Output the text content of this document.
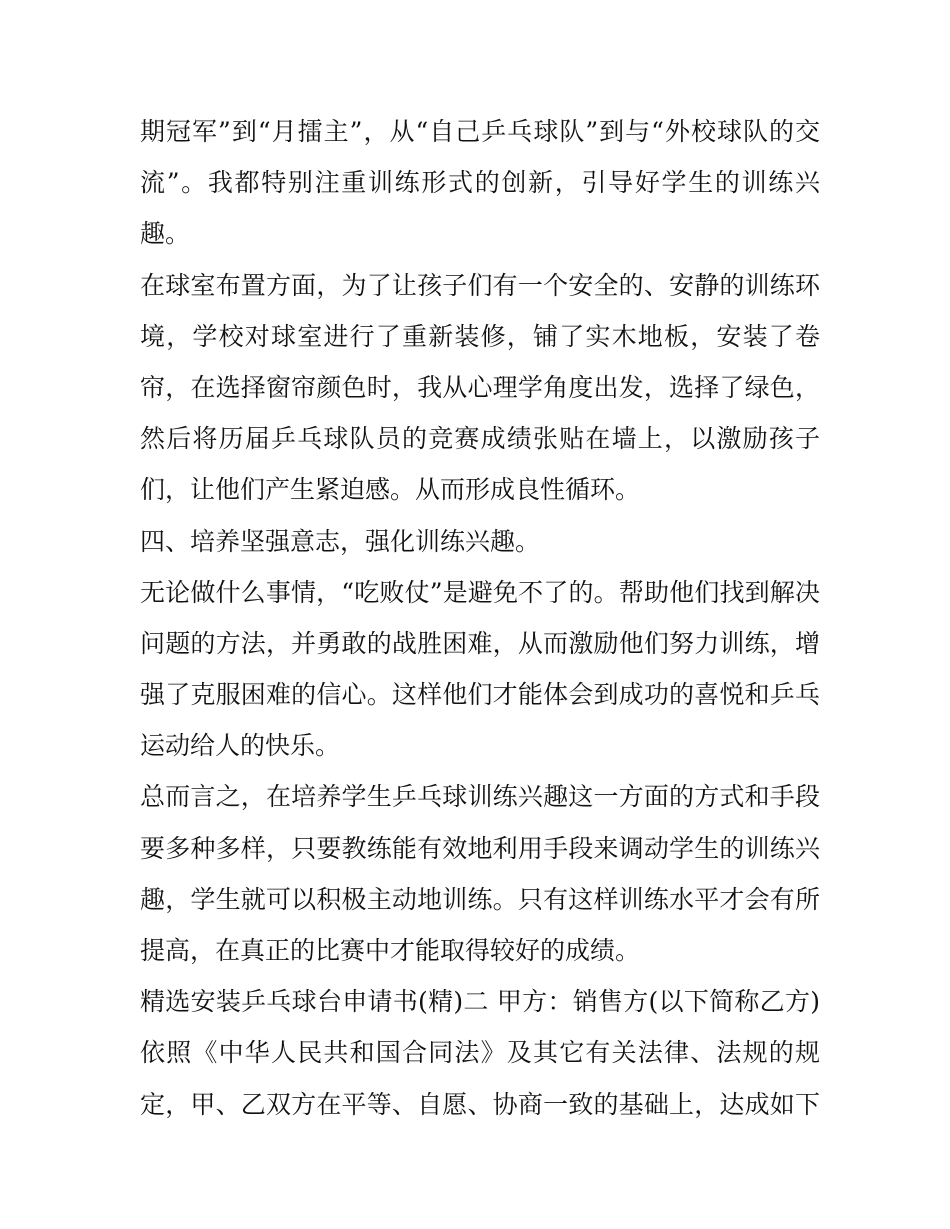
期冠军”到“月擂主”，从“自己乒乓球队”到与“外校球队的交
流”。我都特别注重训练形式的创新，引导好学生的训练兴
趣。
在球室布置方面，为了让孩子们有一个安全的、安静的训练环
境，学校对球室进行了重新装修，铺了实木地板，安装了卷
帘，在选择窗帘颜色时，我从心理学角度出发，选择了绿色，
然后将历届乒乓球队员的竞赛成绩张贴在墙上，以激励孩子
们，让他们产生紧迫感。从而形成良性循环。
四、培养坚强意志，强化训练兴趣。
无论做什么事情，“吃败仗”是避免不了的。帮助他们找到解决
问题的方法，并勇敢的战胜困难，从而激励他们努力训练，增
强了克服困难的信心。这样他们才能体会到成功的喜悦和乒乓
运动给人的快乐。
总而言之，在培养学生乒乓球训练兴趣这一方面的方式和手段
要多种多样，只要教练能有效地利用手段来调动学生的训练兴
趣，学生就可以积极主动地训练。只有这样训练水平才会有所
提高，在真正的比赛中才能取得较好的成绩。
精选安装乒乓球台申请书(精)二 甲方：销售方(以下简称乙方)
依照《中华人民共和国合同法》及其它有关法律、法规的规
定，甲、乙双方在平等、自愿、协商一致的基础上，达成如下
